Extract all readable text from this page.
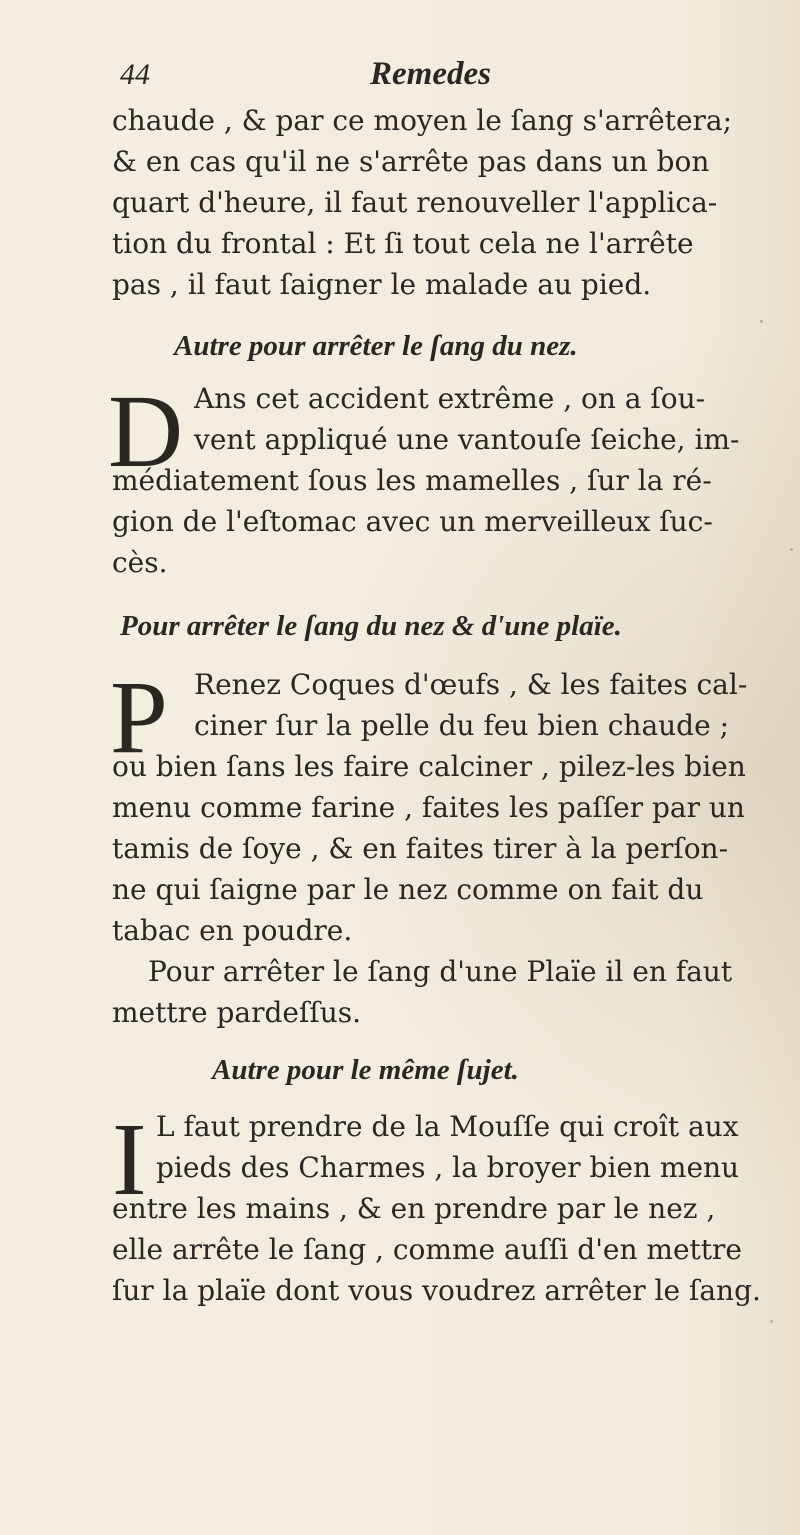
44	Remedes
chaude , & par ce moyen le ſang s'arrêtera;
& en cas qu'il ne s'arrête pas dans un bon
quart d'heure, il faut renouveller l'applica-
tion du frontal : Et ſi tout cela ne l'arrête
pas , il faut ſaigner le malade au pied.
Autre pour arrêter le ſang du nez.
D Ans cet accident extrême , on a ſou-
vent appliqué une vantouſe ſeiche, im-
médiatement ſous les mamelles , ſur la ré-
gion de l'eſtomac avec un merveilleux ſuc-
cès.
Pour arrêter le ſang du nez & d'une plaïe.
P Renez Coques d'œufs , & les faites cal-
ciner ſur la pelle du feu bien chaude ;
ou bien ſans les faire calciner , pilez-les bien
menu comme farine , faites les paſſer par un
tamis de ſoye , & en faites tirer à la perſon-
ne qui ſaigne par le nez comme on fait du
tabac en poudre.
Pour arrêter le ſang d'une Plaïe il en faut
mettre pardeſſus.
Autre pour le même ſujet.
I L faut prendre de la Mouſſe qui croît aux
pieds des Charmes , la broyer bien menu
entre les mains , & en prendre par le nez ,
elle arrête le ſang , comme auſſi d'en mettre
ſur la plaïe dont vous voudrez arrêter le ſang.
